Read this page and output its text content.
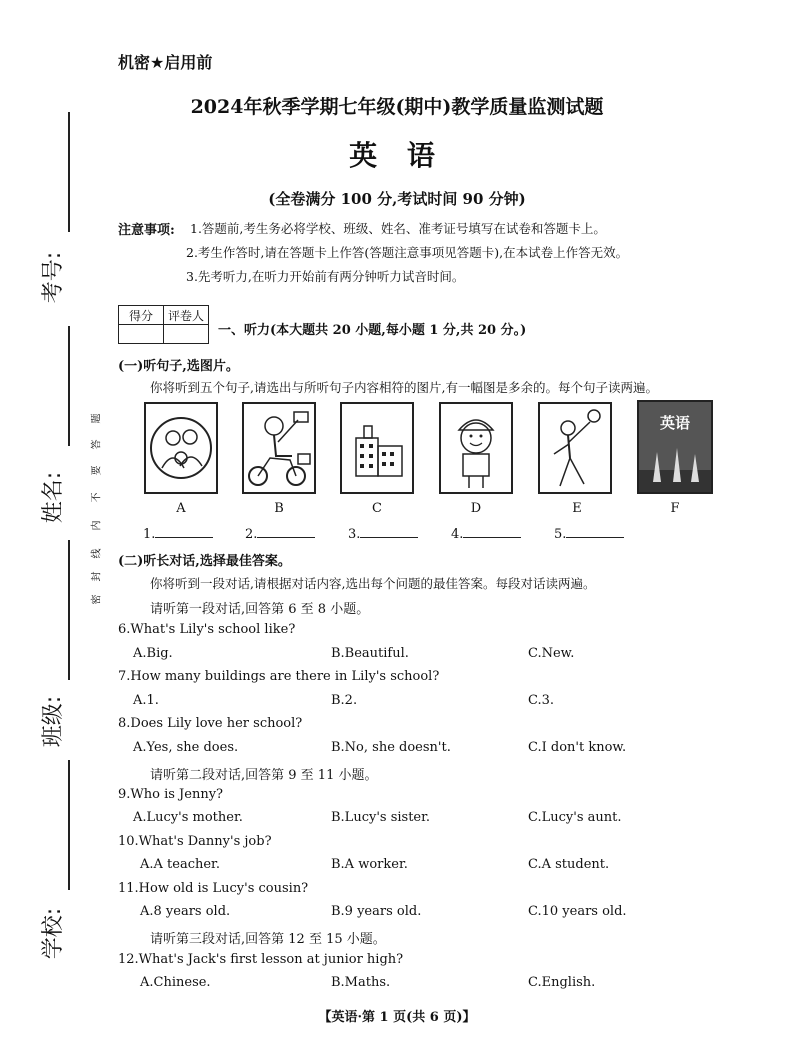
考号:
姓名:
班级:
学校:
密
封
线
内
不
要
答
题
机密★启用前
2024年秋季学期七年级(期中)教学质量监测试题
英 语
(全卷满分 100 分,考试时间 90 分钟)
注意事项: 1.答题前,考生务必将学校、班级、姓名、准考证号填写在试卷和答题卡上。
2.考生作答时,请在答题卡上作答(答题注意事项见答题卡),在本试卷上作答无效。
3.先考听力,在听力开始前有两分钟听力试音时间。
得分	评卷人

一、听力(本大题共 20 小题,每小题 1 分,共 20 分。)
(一)听句子,选图片。
你将听到五个句子,请选出与所听句子内容相符的图片,有一幅图是多余的。每个句子读两遍。
英语
A	B	C	D	E	F
1.	2.	3.	4.	5.
(二)听长对话,选择最佳答案。
你将听到一段对话,请根据对话内容,选出每个问题的最佳答案。每段对话读两遍。
请听第一段对话,回答第 6 至 8 小题。
6.What's Lily's school like?
A.Big.	B.Beautiful.	C.New.
7.How many buildings are there in Lily's school?
A.1.	B.2.	C.3.
8.Does Lily love her school?
A.Yes, she does.	B.No, she doesn't.	C.I don't know.
请听第二段对话,回答第 9 至 11 小题。
9.Who is Jenny?
A.Lucy's mother.	B.Lucy's sister.	C.Lucy's aunt.
10.What's Danny's job?
A.A teacher.	B.A worker.	C.A student.
11.How old is Lucy's cousin?
A.8 years old.	B.9 years old.	C.10 years old.
请听第三段对话,回答第 12 至 15 小题。
12.What's Jack's first lesson at junior high?
A.Chinese.	B.Maths.	C.English.
【英语·第 1 页(共 6 页)】
